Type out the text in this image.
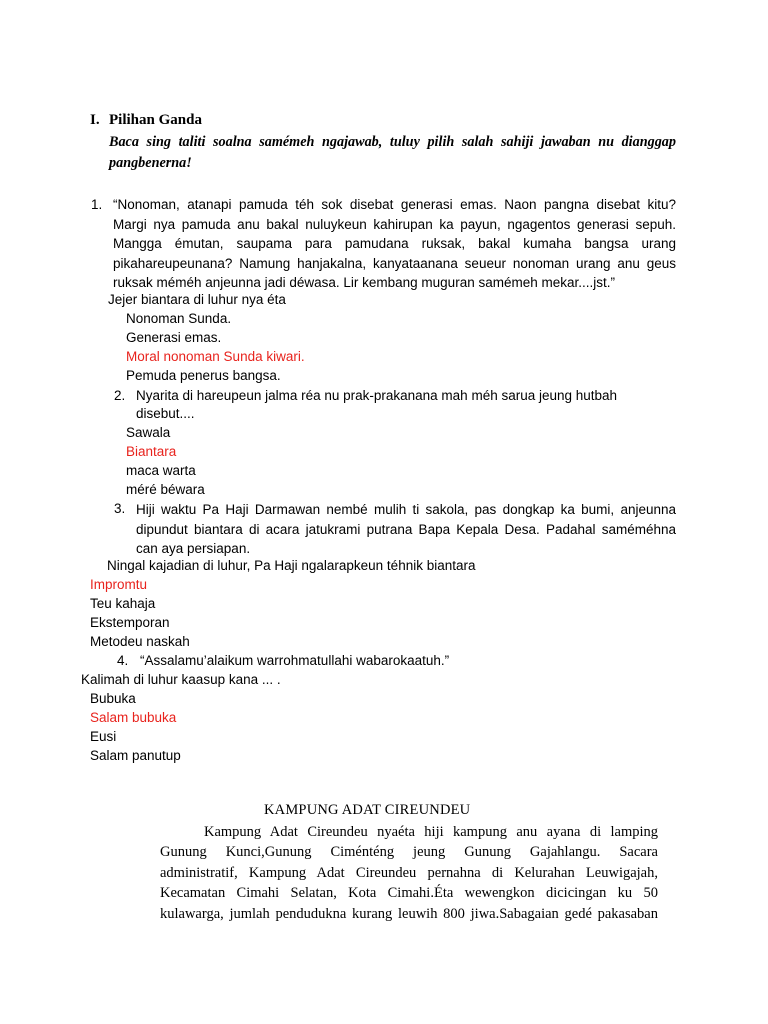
I. Pilihan Ganda
Baca sing taliti soalna samémeh ngajawab, tuluy pilih salah sahiji jawaban nu dianggap
pangbenerna!
1. “Nonoman, atanapi pamuda téh sok disebat generasi emas. Naon pangna disebat kitu?
Margi nya pamuda anu bakal nuluykeun kahirupan ka payun, ngagentos generasi sepuh.
Mangga émutan, saupama para pamudana ruksak, bakal kumaha bangsa urang
pikahareupeunana? Namung hanjakalna, kanyataanana seueur nonoman urang anu geus
ruksak méméh anjeunna jadi déwasa. Lir kembang muguran samémeh mekar....jst.”
Jejer biantara di luhur nya éta
Nonoman Sunda.
Generasi emas.
Moral nonoman Sunda kiwari.
Pemuda penerus bangsa.
2. Nyarita di hareupeun jalma réa nu prak-prakanana mah méh sarua jeung hutbah
disebut....
Sawala
Biantara
maca warta
méré béwara
3. Hiji waktu Pa Haji Darmawan nembé mulih ti sakola, pas dongkap ka bumi, anjeunna
dipundut biantara di acara jatukrami putrana Bapa Kepala Desa. Padahal saméméhna
can aya persiapan.
Ningal kajadian di luhur, Pa Haji ngalarapkeun téhnik biantara
Impromtu
Teu kahaja
Ekstemporan
Metodeu naskah
4. “Assalamu’alaikum warrohmatullahi wabarokaatuh.”
Kalimah di luhur kaasup kana ... .
Bubuka
Salam bubuka
Eusi
Salam panutup
KAMPUNG ADAT CIREUNDEU
Kampung Adat Cireundeu nyaéta hiji kampung anu ayana di lamping
Gunung Kunci,Gunung Ciménténg jeung Gunung Gajahlangu. Sacara
administratif, Kampung Adat Cireundeu pernahna di Kelurahan Leuwigajah,
Kecamatan Cimahi Selatan, Kota Cimahi.Éta wewengkon dicicingan ku 50
kulawarga, jumlah pendudukna kurang leuwih 800 jiwa.Sabagaian gedé pakasaban
